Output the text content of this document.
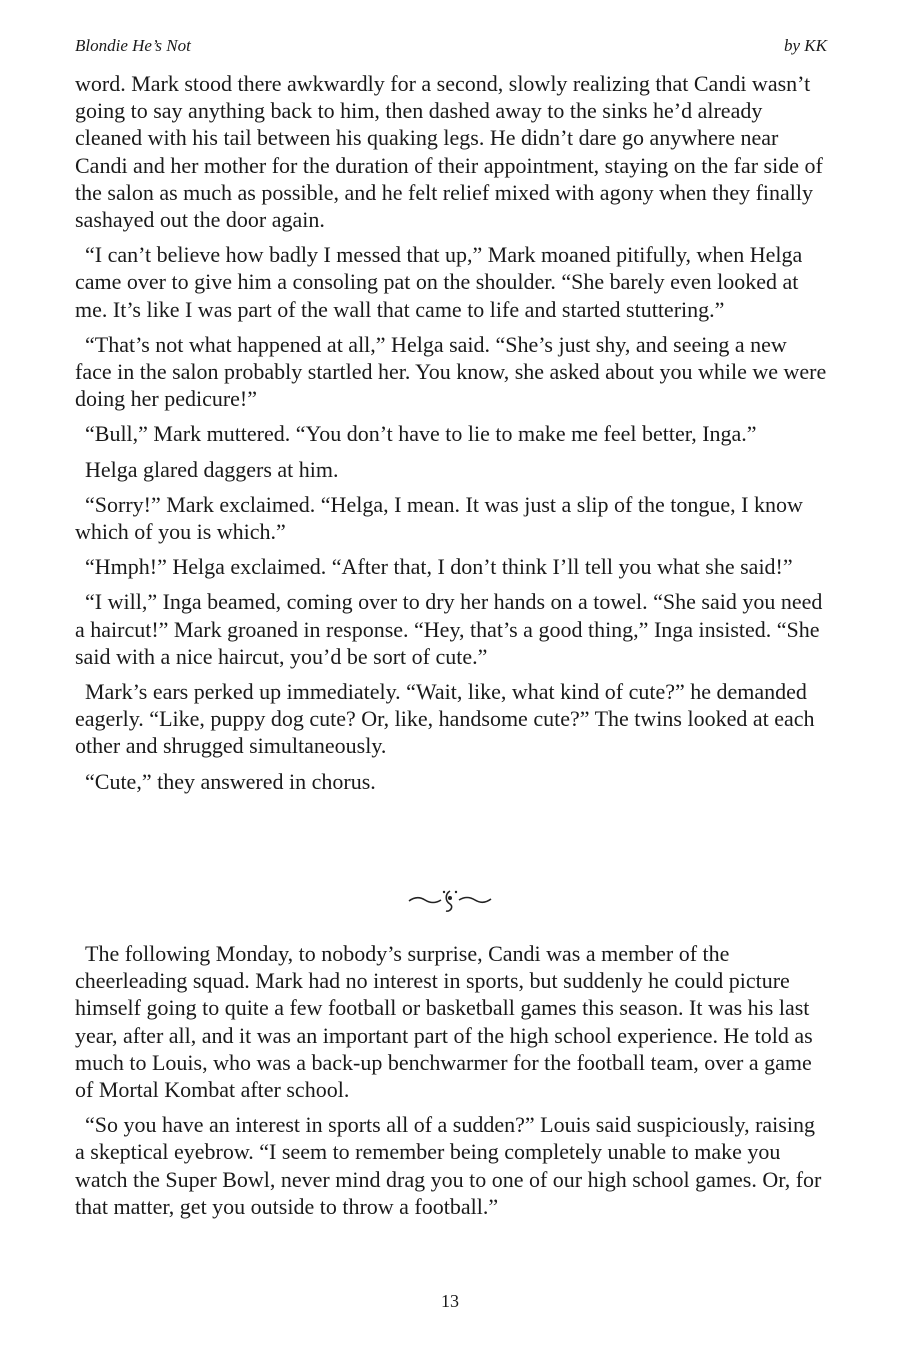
Blondie He’s Not	by KK

word. Mark stood there awkwardly for a second, slowly realizing that Candi wasn’t going to say anything back to him, then dashed away to the sinks he’d already cleaned with his tail between his quaking legs. He didn’t dare go anywhere near Candi and her mother for the duration of their appointment, staying on the far side of the salon as much as possible, and he felt relief mixed with agony when they finally sashayed out the door again.

“I can’t believe how badly I messed that up,” Mark moaned pitifully, when Helga came over to give him a consoling pat on the shoulder. “She barely even looked at me. It’s like I was part of the wall that came to life and started stuttering.”

“That’s not what happened at all,” Helga said. “She’s just shy, and seeing a new face in the salon probably startled her. You know, she asked about you while we were doing her pedicure!”

“Bull,” Mark muttered. “You don’t have to lie to make me feel better, Inga.”

Helga glared daggers at him.

“Sorry!” Mark exclaimed. “Helga, I mean. It was just a slip of the tongue, I know which of you is which.”

“Hmph!” Helga exclaimed. “After that, I don’t think I’ll tell you what she said!”

“I will,” Inga beamed, coming over to dry her hands on a towel. “She said you need a haircut!” Mark groaned in response. “Hey, that’s a good thing,” Inga insisted. “She said with a nice haircut, you’d be sort of cute.”

Mark’s ears perked up immediately. “Wait, like, what kind of cute?” he demanded eagerly. “Like, puppy dog cute? Or, like, handsome cute?” The twins looked at each other and shrugged simultaneously.

“Cute,” they answered in chorus.

The following Monday, to nobody’s surprise, Candi was a member of the cheerleading squad. Mark had no interest in sports, but suddenly he could picture himself going to quite a few football or basketball games this season. It was his last year, after all, and it was an important part of the high school experience. He told as much to Louis, who was a back-up benchwarmer for the football team, over a game of Mortal Kombat after school.

“So you have an interest in sports all of a sudden?” Louis said suspiciously, raising a skeptical eyebrow. “I seem to remember being completely unable to make you watch the Super Bowl, never mind drag you to one of our high school games. Or, for that matter, get you outside to throw a football.”

13
